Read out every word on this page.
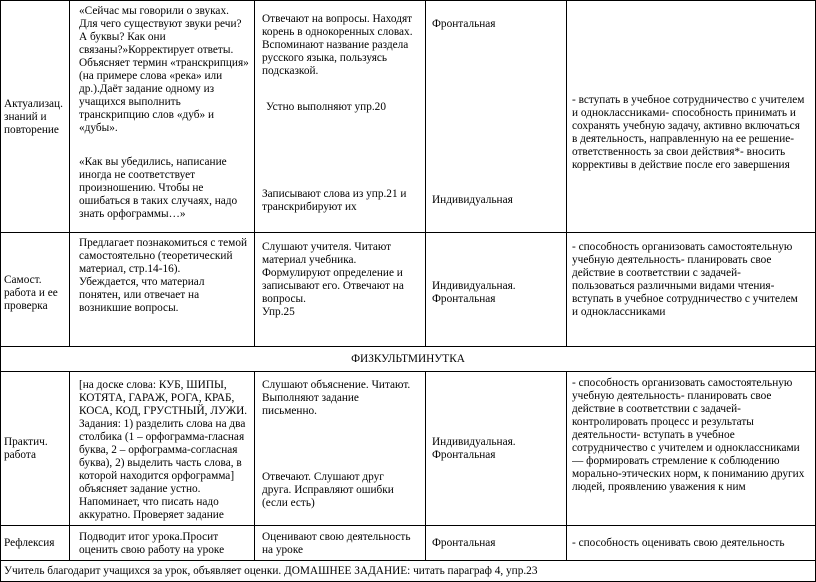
Актуализац.
знаний и
повторение
«Сейчас мы говорили о звуках.
Для чего существуют звуки речи?
А буквы? Как они
связаны?»Корректирует ответы.
Объясняет термин «транскрипция»
(на примере слова «река» или
др.).Даёт задание одному из
учащихся выполнить
транскрипцию слов «дуб» и
«дубы».
«Как вы убедились, написание
иногда не соответствует
произношению. Чтобы не
ошибаться в таких случаях, надо
знать орфограммы…»
Отвечают на вопросы. Находят
корень в однокоренных словах.
Вспоминают название раздела
русского языка, пользуясь
подсказкой.
Устно выполняют упр.20
Записывают слова из упр.21 и
транскрибируют их
Фронтальная
Индивидуальная
- вступать в учебное сотрудничество с учителем
и одноклассниками- способность принимать и
сохранять учебную задачу, активно включаться
в деятельность, направленную на ее решение-
ответственность за свои действия*- вносить
коррективы в действие после его завершения
Самост.
работа и ее
проверка
Предлагает познакомиться с темой
самостоятельно (теоретический
материал, стр.14-16).
Убеждается, что материал
понятен, или отвечает на
возникшие вопросы.
Слушают учителя. Читают
материал учебника.
Формулируют определение и
записывают его. Отвечают на
вопросы.
Упр.25
Индивидуальная.
Фронтальная
- способность организовать самостоятельную
учебную деятельность- планировать свое
действие в соответствии с задачей-
пользоваться различными видами чтения-
вступать в учебное сотрудничество с учителем
и одноклассниками
ФИЗКУЛЬТМИНУТКА
Практич.
работа
[на доске слова: КУБ, ШИПЫ,
КОТЯТА, ГАРАЖ, РОГА, КРАБ,
КОСА, КОД, ГРУСТНЫЙ, ЛУЖИ.
Задания: 1) разделить слова на два
столбика (1 – орфограмма-гласная
буква, 2 – орфограмма-согласная
буква), 2) выделить часть слова, в
которой находится орфограмма]
объясняет задание устно.
Напоминает, что писать надо
аккуратно. Проверяет задание
Слушают объяснение. Читают.
Выполняют задание
письменно.
Отвечают. Слушают друг
друга. Исправляют ошибки
(если есть)
Индивидуальная.
Фронтальная
- способность организовать самостоятельную
учебную деятельность- планировать свое
действие в соответствии с задачей-
контролировать процесс и результаты
деятельности- вступать в учебное
сотрудничество с учителем и одноклассниками
— формировать стремление к соблюдению
морально-этических норм, к пониманию других
людей, проявлению уважения к ним
Рефлексия	Подводит итог урока.Просит
оценить свою работу на уроке
Оценивают свою деятельность
на уроке
Фронтальная	- способность оценивать свою деятельность
Учитель благодарит учащихся за урок, объявляет оценки. ДОМАШНЕЕ ЗАДАНИЕ: читать параграф 4, упр.23
